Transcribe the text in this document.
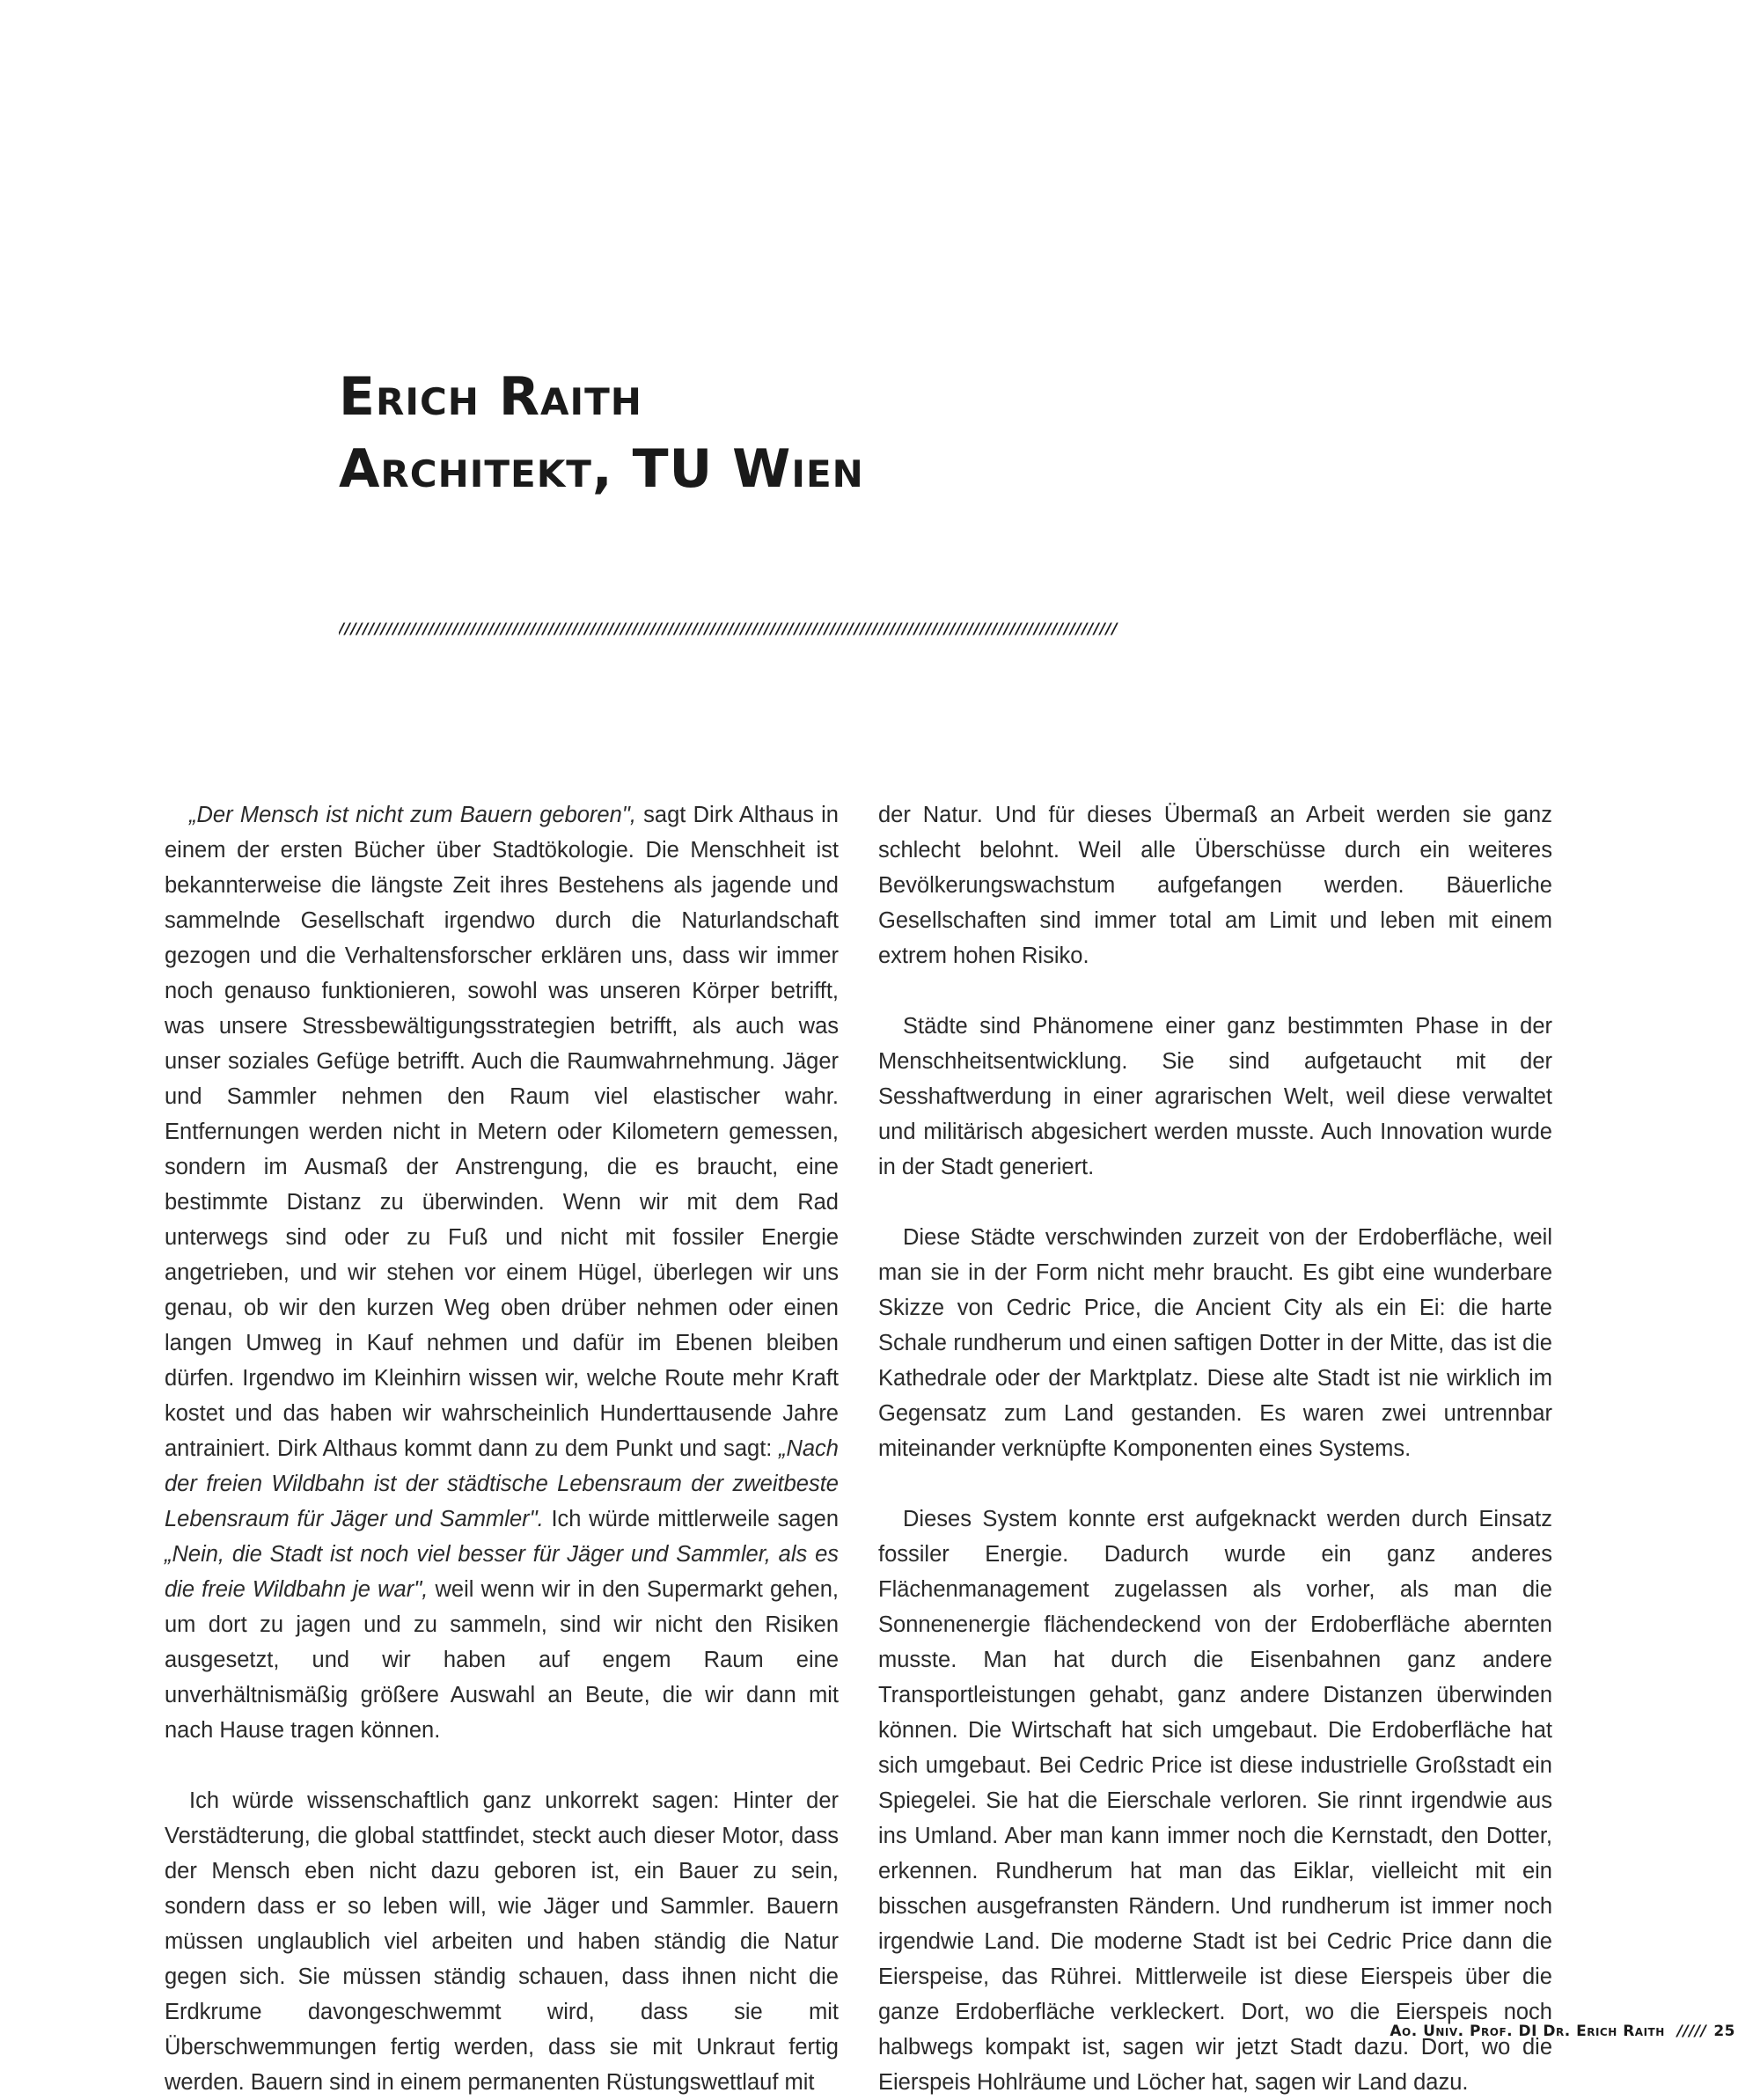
Erich Raith
Architekt, TU Wien
//////////////////////////////////////////////////////////////////////////////////////////////////////////////////////////////////

„Der Mensch ist nicht zum Bauern geboren", sagt Dirk Althaus in einem der ersten Bücher über Stadtökologie. Die Menschheit ist bekannterweise die längste Zeit ihres Bestehens als jagende und sammelnde Gesellschaft irgendwo durch die Naturlandschaft gezogen und die Verhaltensforscher erklären uns, dass wir immer noch genauso funktionieren, sowohl was unseren Körper betrifft, was unsere Stressbewältigungsstrategien betrifft, als auch was unser soziales Gefüge betrifft. Auch die Raumwahrnehmung. Jäger und Sammler nehmen den Raum viel elastischer wahr. Entfernungen werden nicht in Metern oder Kilometern gemessen, sondern im Ausmaß der Anstrengung, die es braucht, eine bestimmte Distanz zu überwinden. Wenn wir mit dem Rad unterwegs sind oder zu Fuß und nicht mit fossiler Energie angetrieben, und wir stehen vor einem Hügel, überlegen wir uns genau, ob wir den kurzen Weg oben drüber nehmen oder einen langen Umweg in Kauf nehmen und dafür im Ebenen bleiben dürfen. Irgendwo im Kleinhirn wissen wir, welche Route mehr Kraft kostet und das haben wir wahrscheinlich Hunderttausende Jahre antrainiert. Dirk Althaus kommt dann zu dem Punkt und sagt: „Nach der freien Wildbahn ist der städtische Lebensraum der zweitbeste Lebensraum für Jäger und Sammler". Ich würde mittlerweile sagen „Nein, die Stadt ist noch viel besser für Jäger und Sammler, als es die freie Wildbahn je war", weil wenn wir in den Supermarkt gehen, um dort zu jagen und zu sammeln, sind wir nicht den Risiken ausgesetzt, und wir haben auf engem Raum eine unverhältnismäßig größere Auswahl an Beute, die wir dann mit nach Hause tragen können.

Ich würde wissenschaftlich ganz unkorrekt sagen: Hinter der Verstädterung, die global stattfindet, steckt auch dieser Motor, dass der Mensch eben nicht dazu geboren ist, ein Bauer zu sein, sondern dass er so leben will, wie Jäger und Sammler. Bauern müssen unglaublich viel arbeiten und haben ständig die Natur gegen sich. Sie müssen ständig schauen, dass ihnen nicht die Erdkrume davongeschwemmt wird, dass sie mit Überschwemmungen fertig werden, dass sie mit Unkraut fertig werden. Bauern sind in einem permanenten Rüstungswettlauf mit

der Natur. Und für dieses Übermaß an Arbeit werden sie ganz schlecht belohnt. Weil alle Überschüsse durch ein weiteres Bevölkerungswachstum aufgefangen werden. Bäuerliche Gesellschaften sind immer total am Limit und leben mit einem extrem hohen Risiko.

Städte sind Phänomene einer ganz bestimmten Phase in der Menschheitsentwicklung. Sie sind aufgetaucht mit der Sesshaftwerdung in einer agrarischen Welt, weil diese verwaltet und militärisch abgesichert werden musste. Auch Innovation wurde in der Stadt generiert.

Diese Städte verschwinden zurzeit von der Erdoberfläche, weil man sie in der Form nicht mehr braucht. Es gibt eine wunderbare Skizze von Cedric Price, die Ancient City als ein Ei: die harte Schale rundherum und einen saftigen Dotter in der Mitte, das ist die Kathedrale oder der Marktplatz. Diese alte Stadt ist nie wirklich im Gegensatz zum Land gestanden. Es waren zwei untrennbar miteinander verknüpfte Komponenten eines Systems.

Dieses System konnte erst aufgeknackt werden durch Einsatz fossiler Energie. Dadurch wurde ein ganz anderes Flächenmanagement zugelassen als vorher, als man die Sonnenenergie flächendeckend von der Erdoberfläche abernten musste. Man hat durch die Eisenbahnen ganz andere Transportleistungen gehabt, ganz andere Distanzen überwinden können. Die Wirtschaft hat sich umgebaut. Die Erdoberfläche hat sich umgebaut. Bei Cedric Price ist diese industrielle Großstadt ein Spiegelei. Sie hat die Eierschale verloren. Sie rinnt irgendwie aus ins Umland. Aber man kann immer noch die Kernstadt, den Dotter, erkennen. Rundherum hat man das Eiklar, vielleicht mit ein bisschen ausgefransten Rändern. Und rundherum ist immer noch irgendwie Land. Die moderne Stadt ist bei Cedric Price dann die Eierspeise, das Rührei. Mittlerweile ist diese Eierspeis über die ganze Erdoberfläche verkleckert. Dort, wo die Eierspeis noch halbwegs kompakt ist, sagen wir jetzt Stadt dazu. Dort, wo die Eierspeis Hohlräume und Löcher hat, sagen wir Land dazu.

Ao. Univ. Prof. DI Dr. Erich Raith ///// 25
